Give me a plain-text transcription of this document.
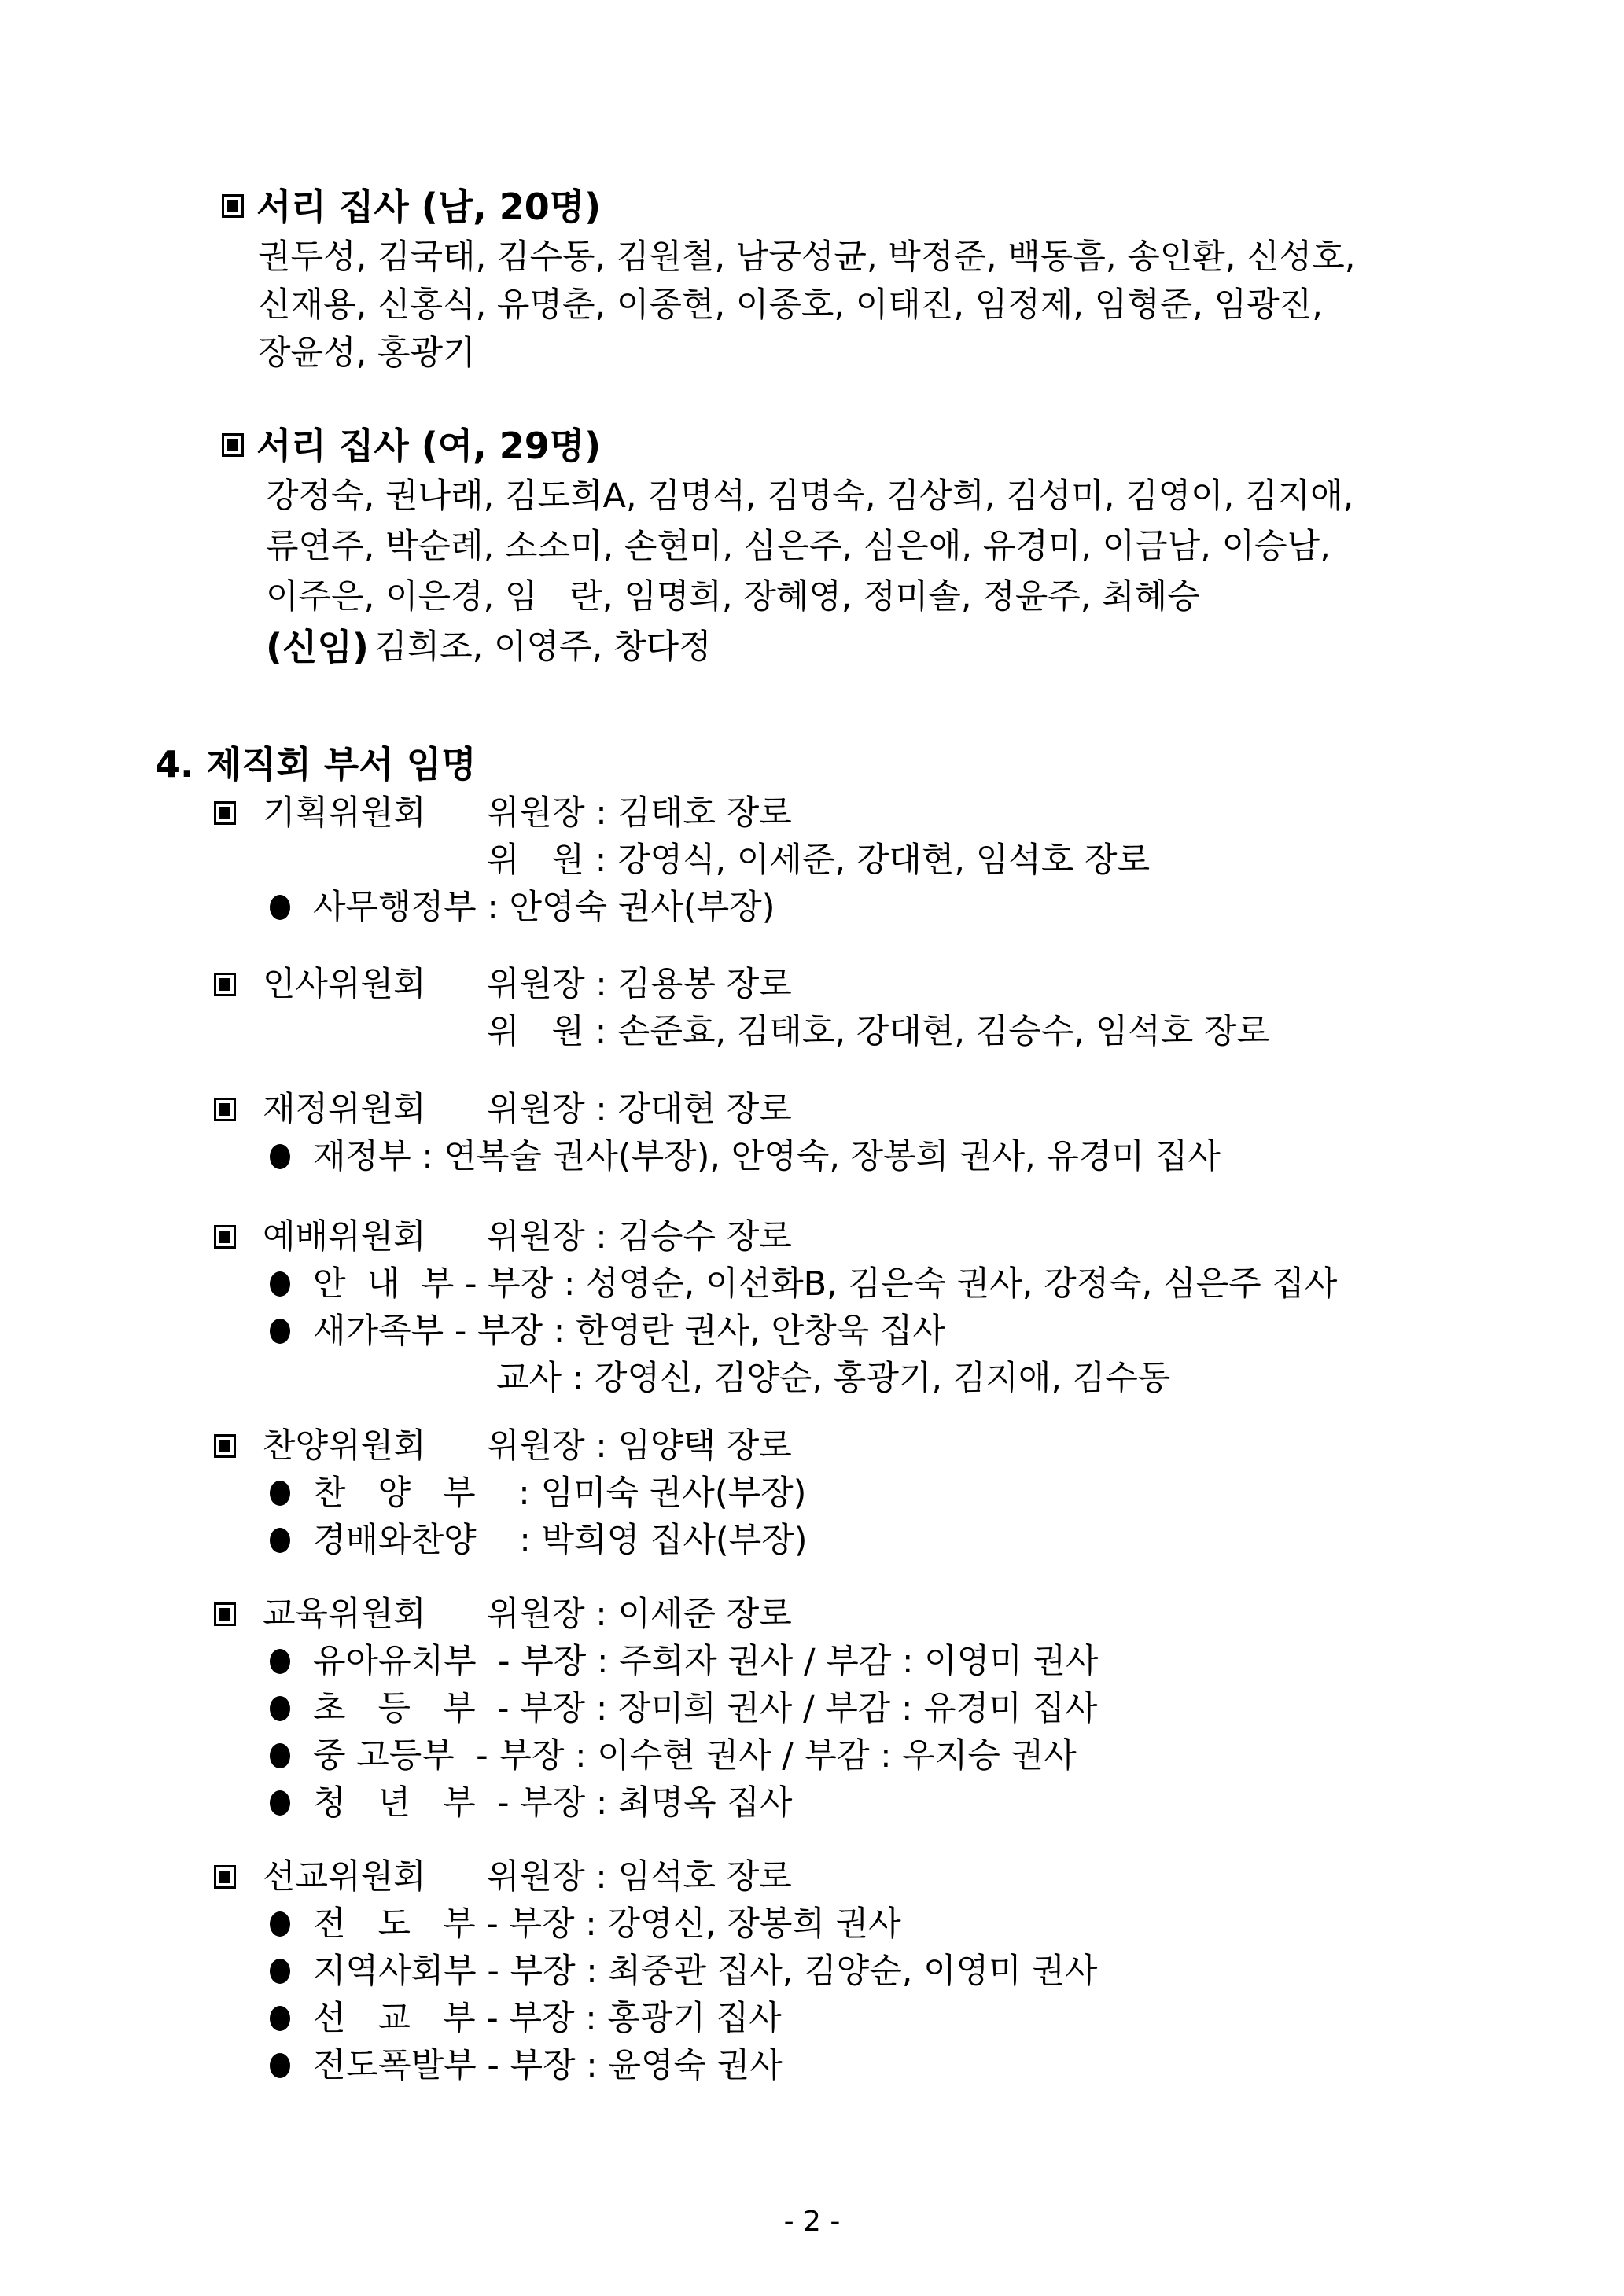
- 2 -
서리 집사 (남, 20명)
권두성, 김국태, 김수동, 김원철, 남궁성균, 박정준, 백동흠, 송인환, 신성호,
신재용, 신홍식, 유명춘, 이종현, 이종호, 이태진, 임정제, 임형준, 임광진,
장윤성, 홍광기
서리 집사 (여, 29명)
강정숙, 권나래, 김도희A, 김명석, 김명숙, 김상희, 김성미, 김영이, 김지애,
류연주, 박순례, 소소미, 손현미, 심은주, 심은애, 유경미, 이금남, 이승남,
이주은, 이은경, 임   란, 임명희, 장혜영, 정미솔, 정윤주, 최혜승
(신임) 김희조, 이영주, 창다정
4. 제직회 부서 임명
기획위원회 위원장 : 김태호 장로
위   원 : 강영식, 이세준, 강대현, 임석호 장로
사무행정부 : 안영숙 권사(부장)
인사위원회 위원장 : 김용봉 장로
위   원 : 손준효, 김태호, 강대현, 김승수, 임석호 장로
재정위원회 위원장 : 강대현 장로
재정부 : 연복술 권사(부장), 안영숙, 장봉희 권사, 유경미 집사
예배위원회 위원장 : 김승수 장로
안  내  부 - 부장 : 성영순, 이선화B, 김은숙 권사, 강정숙, 심은주 집사
새가족부 - 부장 : 한영란 권사, 안창욱 집사
교사 : 강영신, 김양순, 홍광기, 김지애, 김수동
찬양위원회 위원장 : 임양택 장로
찬   양   부    : 임미숙 권사(부장)
경배와찬양    : 박희영 집사(부장)
교육위원회 위원장 : 이세준 장로
유아유치부  - 부장 : 주희자 권사 / 부감 : 이영미 권사
초   등   부  - 부장 : 장미희 권사 / 부감 : 유경미 집사
중 고등부  - 부장 : 이수현 권사 / 부감 : 우지승 권사
청   년   부  - 부장 : 최명옥 집사
선교위원회 위원장 : 임석호 장로
전   도   부 - 부장 : 강영신, 장봉희 권사
지역사회부 - 부장 : 최중관 집사, 김양순, 이영미 권사
선   교   부 - 부장 : 홍광기 집사
전도폭발부 - 부장 : 윤영숙 권사
